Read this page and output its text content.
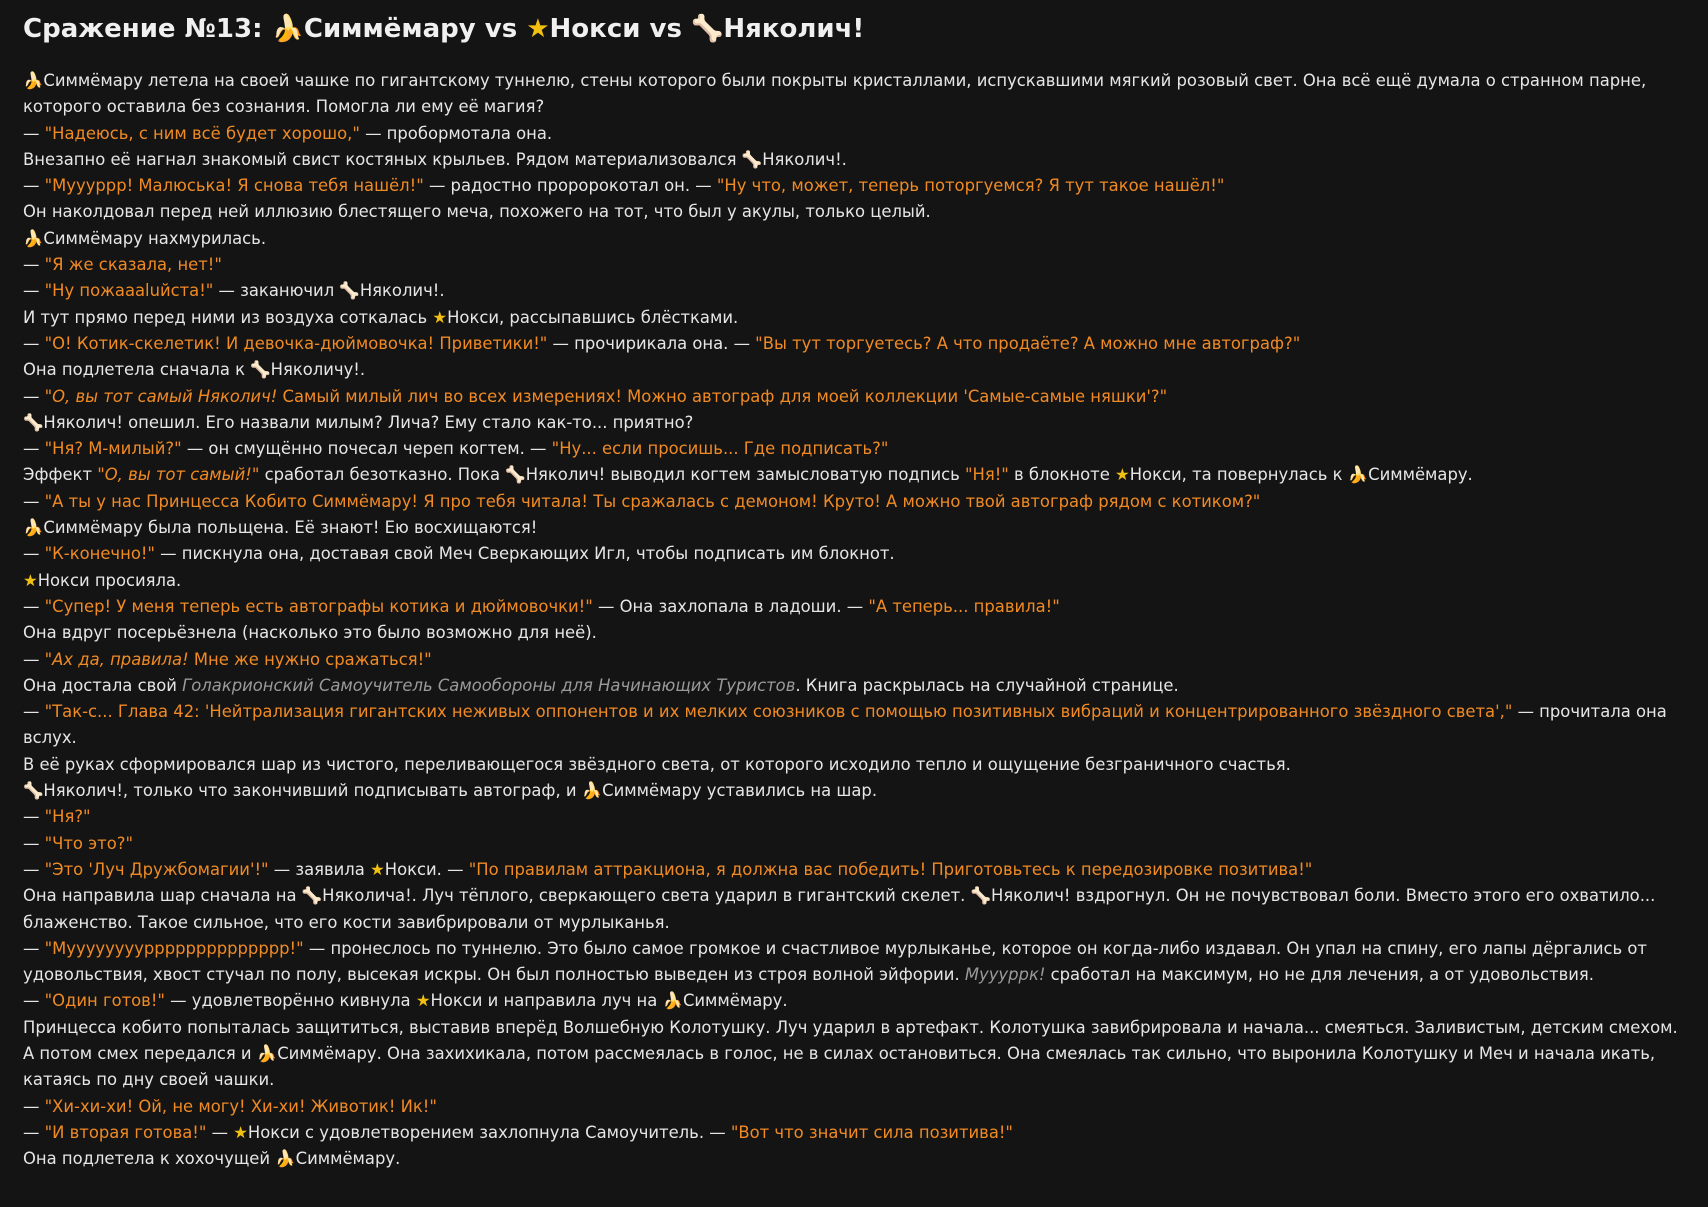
Сражение №13: 🍌Симмёмару vs ★Нокси vs 🦴Няколич!

🍌Симмёмару летела на своей чашке по гигантскому туннелю, стены которого были покрыты кристаллами, испускавшими мягкий розовый свет. Она всё ещё думала о странном парне, которого оставила без сознания. Помогла ли ему её магия?

— "Надеюсь, с ним всё будет хорошо," — пробормотала она.

Внезапно её нагнал знакомый свист костяных крыльев. Рядом материализовался 🦴Няколич!.

— "Муууррр! Малюська! Я снова тебя нашёл!" — радостно проророкотал он. — "Ну что, может, теперь поторгуемся? Я тут такое нашёл!"

Он наколдовал перед ней иллюзию блестящего меча, похожего на тот, что был у акулы, только целый.

🍌Симмёмару нахмурилась.

— "Я же сказала, нет!"

— "Ну пожаааluйста!" — заканючил 🦴Няколич!.

И тут прямо перед ними из воздуха соткалась ★Нокси, рассыпавшись блёстками.

— "О! Котик-скелетик! И девочка-дюймовочка! Приветики!" — прочирикала она. — "Вы тут торгуетесь? А что продаёте? А можно мне автограф?"

Она подлетела сначала к 🦴Няколичу!.

— "О, вы тот самый Няколич! Самый милый лич во всех измерениях! Можно автограф для моей коллекции 'Самые-самые няшки'?"

🦴Няколич! опешил. Его назвали милым? Лича? Ему стало как-то... приятно?

— "Ня? М-милый?" — он смущённо почесал череп когтем. — "Ну... если просишь... Где подписать?"

Эффект "О, вы тот самый!" сработал безотказно. Пока 🦴Няколич! выводил когтем замысловатую подпись "Ня!" в блокноте ★Нокси, та повернулась к 🍌Симмёмару.

— "А ты у нас Принцесса Кобито Симмёмару! Я про тебя читала! Ты сражалась с демоном! Круто! А можно твой автограф рядом с котиком?"

🍌Симмёмару была польщена. Её знают! Ею восхищаются!

— "К-конечно!" — пискнула она, доставая свой Меч Сверкающих Игл, чтобы подписать им блокнот.

★Нокси просияла.

— "Супер! У меня теперь есть автографы котика и дюймовочки!" — Она захлопала в ладоши. — "А теперь... правила!"

Она вдруг посерьёзнела (насколько это было возможно для неё).

— "Ах да, правила! Мне же нужно сражаться!"

Она достала свой Голакрионский Самоучитель Самообороны для Начинающих Туристов. Книга раскрылась на случайной странице.

— "Так-с... Глава 42: 'Нейтрализация гигантских неживых оппонентов и их мелких союзников с помощью позитивных вибраций и концентрированного звёздного света'," — прочитала она вслух.

В её руках сформировался шар из чистого, переливающегося звёздного света, от которого исходило тепло и ощущение безграничного счастья.

🦴Няколич!, только что закончивший подписывать автограф, и 🍌Симмёмару уставились на шар.

— "Ня?"

— "Что это?"

— "Это 'Луч Дружбомагии'!" — заявила ★Нокси. — "По правилам аттракциона, я должна вас победить! Приготовьтесь к передозировке позитива!"

Она направила шар сначала на 🦴Няколича!. Луч тёплого, сверкающего света ударил в гигантский скелет. 🦴Няколич! вздрогнул. Он не почувствовал боли. Вместо этого его охватило... блаженство. Такое сильное, что его кости завибрировали от мурлыканья.

— "Муууууууурррррррррррррр!" — пронеслось по туннелю. Это было самое громкое и счастливое мурлыканье, которое он когда-либо издавал. Он упал на спину, его лапы дёргались от удовольствия, хвост стучал по полу, высекая искры. Он был полностью выведен из строя волной эйфории. Муууррк! сработал на максимум, но не для лечения, а от удовольствия.

— "Один готов!" — удовлетворённо кивнула ★Нокси и направила луч на 🍌Симмёмару.

Принцесса кобито попыталась защититься, выставив вперёд Волшебную Колотушку. Луч ударил в артефакт. Колотушка завибрировала и начала... смеяться. Заливистым, детским смехом. А потом смех передался и 🍌Симмёмару. Она захихикала, потом рассмеялась в голос, не в силах остановиться. Она смеялась так сильно, что выронила Колотушку и Меч и начала икать, катаясь по дну своей чашки.

— "Хи-хи-хи! Ой, не могу! Хи-хи! Животик! Ик!"

— "И вторая готова!" — ★Нокси с удовлетворением захлопнула Самоучитель. — "Вот что значит сила позитива!"

Она подлетела к хохочущей 🍌Симмёмару.
